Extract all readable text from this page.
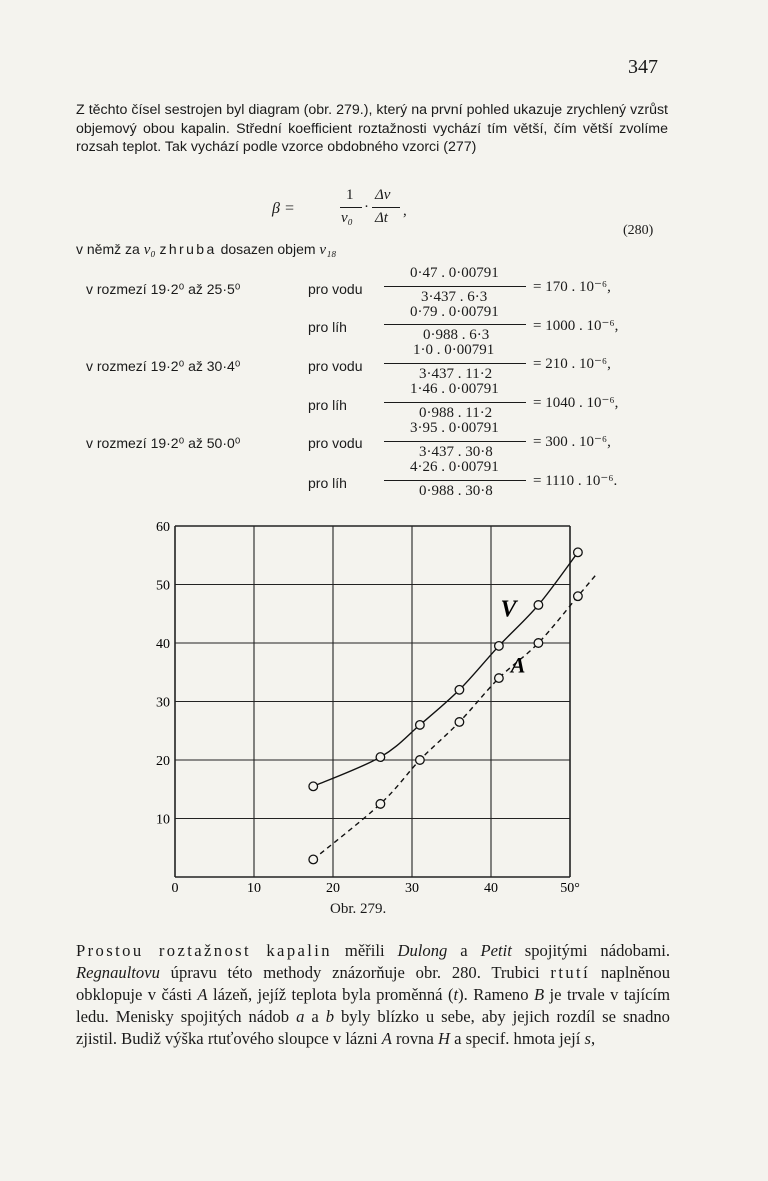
347
Z těchto čísel sestrojen byl diagram (obr. 279.), který na první pohled ukazuje zrychlený vzrůst objemový obou kapalin. Střední koefficient roztažnosti vychází tím větší, čím větší zvolíme rozsah teplot. Tak vychází podle vzorce obdobného vzorci (277)
β =
1
v₀
·
Δv
Δt ,
(280)
v němž za v₀ zhruba dosazen objem v₁₈
v rozmezí 19·2⁰ až 25·5⁰	pro vodu
0·47 . 0·00791
3·437 . 6·3
= 170 . 10⁻⁶,
pro líh
0·79 . 0·00791
0·988 . 6·3
= 1000 . 10⁻⁶,
v rozmezí 19·2⁰ až 30·4⁰	pro vodu
1·0 . 0·00791
3·437 . 11·2
= 210 . 10⁻⁶,
pro líh
1·46 . 0·00791
0·988 . 11·2
= 1040 . 10⁻⁶,
v rozmezí 19·2⁰ až 50·0⁰	pro vodu
3·95 . 0·00791
3·437 . 30·8
= 300 . 10⁻⁶,
pro líh
4·26 . 0·00791
0·988 . 30·8
= 1110 . 10⁻⁶.
0	10	20	30	40	50°
10
20
30
40
50
60
V
A
Obr. 279.
Prostou roztažnost kapalin měřili Dulong a Petit spojitými nádobami. Regnaultovu úpravu této methody znázorňuje obr. 280. Trubici rtutí naplněnou obklopuje v části A lázeň, jejíž teplota byla proměnná (t). Rameno B je trvale v tajícím ledu. Menisky spojitých nádob a a b byly blízko u sebe, aby jejich rozdíl se snadno zjistil. Budiž výška rtuťového sloupce v lázni A rovna H a specif. hmota její s,
